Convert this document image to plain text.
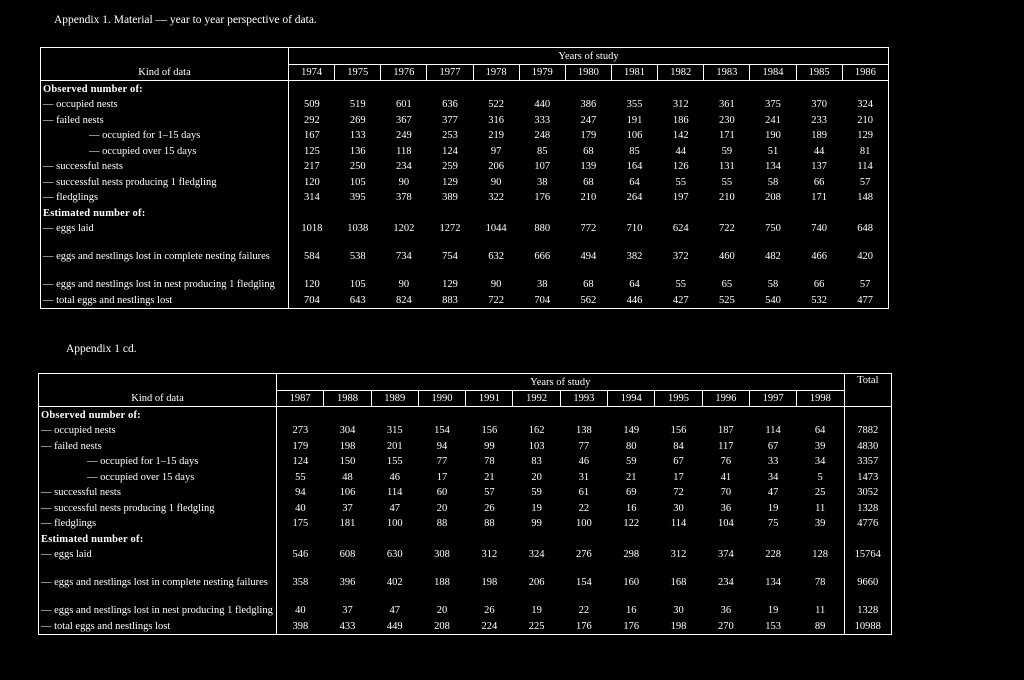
Appendix 1. Material — year to year perspective of data.
Kind of data	Years of study												
	1974	1975	1976	1977	1978	1979	1980	1981	1982	1983	1984	1985	1986
Observed number of:													
— occupied nests	509	519	601	636	522	440	386	355	312	361	375	370	324
— failed nests	292	269	367	377	316	333	247	191	186	230	241	233	210
— occupied for 1–15 days	167	133	249	253	219	248	179	106	142	171	190	189	129
— occupied over 15 days	125	136	118	124	97	85	68	85	44	59	51	44	81
— successful nests	217	250	234	259	206	107	139	164	126	131	134	137	114
— successful nests producing 1 fledgling	120	105	90	129	90	38	68	64	55	55	58	66	57
— fledglings	314	395	378	389	322	176	210	264	197	210	208	171	148
Estimated number of:													
— eggs laid	1018	1038	1202	1272	1044	880	772	710	624	722	750	740	648
— eggs and nestlings lost in complete nesting failures	584	538	734	754	632	666	494	382	372	460	482	466	420
— eggs and nestlings lost in nest producing 1 fledgling	120	105	90	129	90	38	68	64	55	65	58	66	57
— total eggs and nestlings lost	704	643	824	883	722	704	562	446	427	525	540	532	477
Appendix 1 cd.
Kind of data	Years of study												Total
	1987	1988	1989	1990	1991	1992	1993	1994	1995	1996	1997	1998	
Observed number of:													
— occupied nests	273	304	315	154	156	162	138	149	156	187	114	64	7882
— failed nests	179	198	201	94	99	103	77	80	84	117	67	39	4830
— occupied for 1–15 days	124	150	155	77	78	83	46	59	67	76	33	34	3357
— occupied over 15 days	55	48	46	17	21	20	31	21	17	41	34	5	1473
— successful nests	94	106	114	60	57	59	61	69	72	70	47	25	3052
— successful nests producing 1 fledgling	40	37	47	20	26	19	22	16	30	36	19	11	1328
— fledglings	175	181	100	88	88	99	100	122	114	104	75	39	4776
Estimated number of:													
— eggs laid	546	608	630	308	312	324	276	298	312	374	228	128	15764
— eggs and nestlings lost in complete nesting failures	358	396	402	188	198	206	154	160	168	234	134	78	9660
— eggs and nestlings lost in nest producing 1 fledgling	40	37	47	20	26	19	22	16	30	36	19	11	1328
— total eggs and nestlings lost	398	433	449	208	224	225	176	176	198	270	153	89	10988
